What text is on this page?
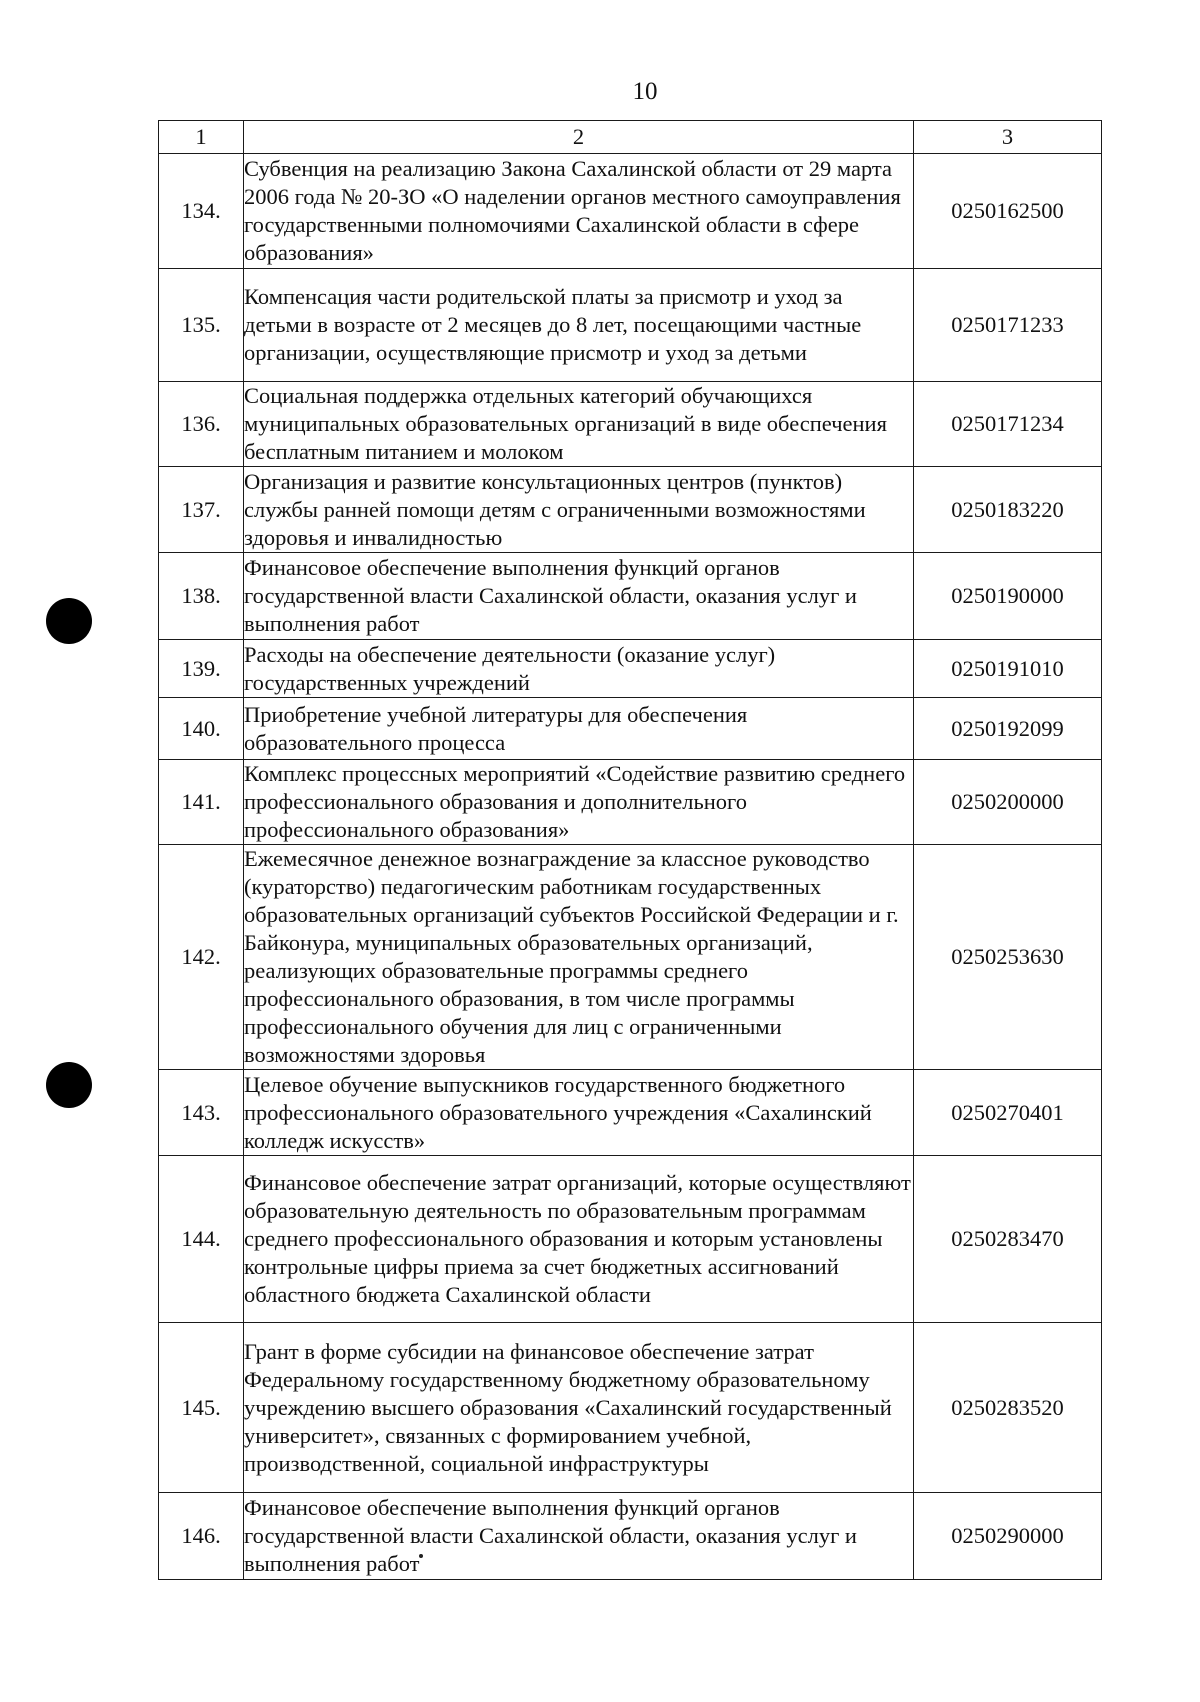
10
1	2	3
134.	Субвенция на реализацию Закона Сахалинской области от 29 марта 2006 года № 20-ЗО «О наделении органов местного самоуправления государственными полномочиями Сахалинской области в сфере образования»	0250162500
135.	Компенсация части родительской платы за присмотр и уход за детьми в возрасте от 2 месяцев до 8 лет, посещающими частные организации, осуществляющие присмотр и уход за детьми	0250171233
136.	Социальная поддержка отдельных категорий обучающихся муниципальных образовательных организаций в виде обеспечения бесплатным питанием и молоком	0250171234
137.	Организация и развитие консультационных центров (пунктов) службы ранней помощи детям с ограниченными возможностями здоровья и инвалидностью	0250183220
138.	Финансовое обеспечение выполнения функций органов государственной власти Сахалинской области, оказания услуг и выполнения работ	0250190000
139.	Расходы на обеспечение деятельности (оказание услуг) государственных учреждений	0250191010
140.	Приобретение учебной литературы для обеспечения образовательного процесса	0250192099
141.	Комплекс процессных мероприятий «Содействие развитию среднего профессионального образования и дополнительного профессионального образования»	0250200000
142.	Ежемесячное денежное вознаграждение за классное руководство (кураторство) педагогическим работникам государственных образовательных организаций субъектов Российской Федерации и г. Байконура, муниципальных образовательных организаций, реализующих образовательные программы среднего профессионального образования, в том числе программы профессионального обучения для лиц с ограниченными возможностями здоровья	0250253630
143.	Целевое обучение выпускников государственного бюджетного профессионального образовательного учреждения «Сахалинский колледж искусств»	0250270401
144.	Финансовое обеспечение затрат организаций, которые осуществляют образовательную деятельность по образовательным программам среднего профессионального образования и которым установлены контрольные цифры приема за счет бюджетных ассигнований областного бюджета Сахалинской области	0250283470
145.	Грант в форме субсидии на финансовое обеспечение затрат Федеральному государственному бюджетному образовательному учреждению высшего образования «Сахалинский государственный университет», связанных с формированием учебной, производственной, социальной инфраструктуры	0250283520
146.	Финансовое обеспечение выполнения функций органов государственной власти Сахалинской области, оказания услуг и выполнения работ	0250290000
